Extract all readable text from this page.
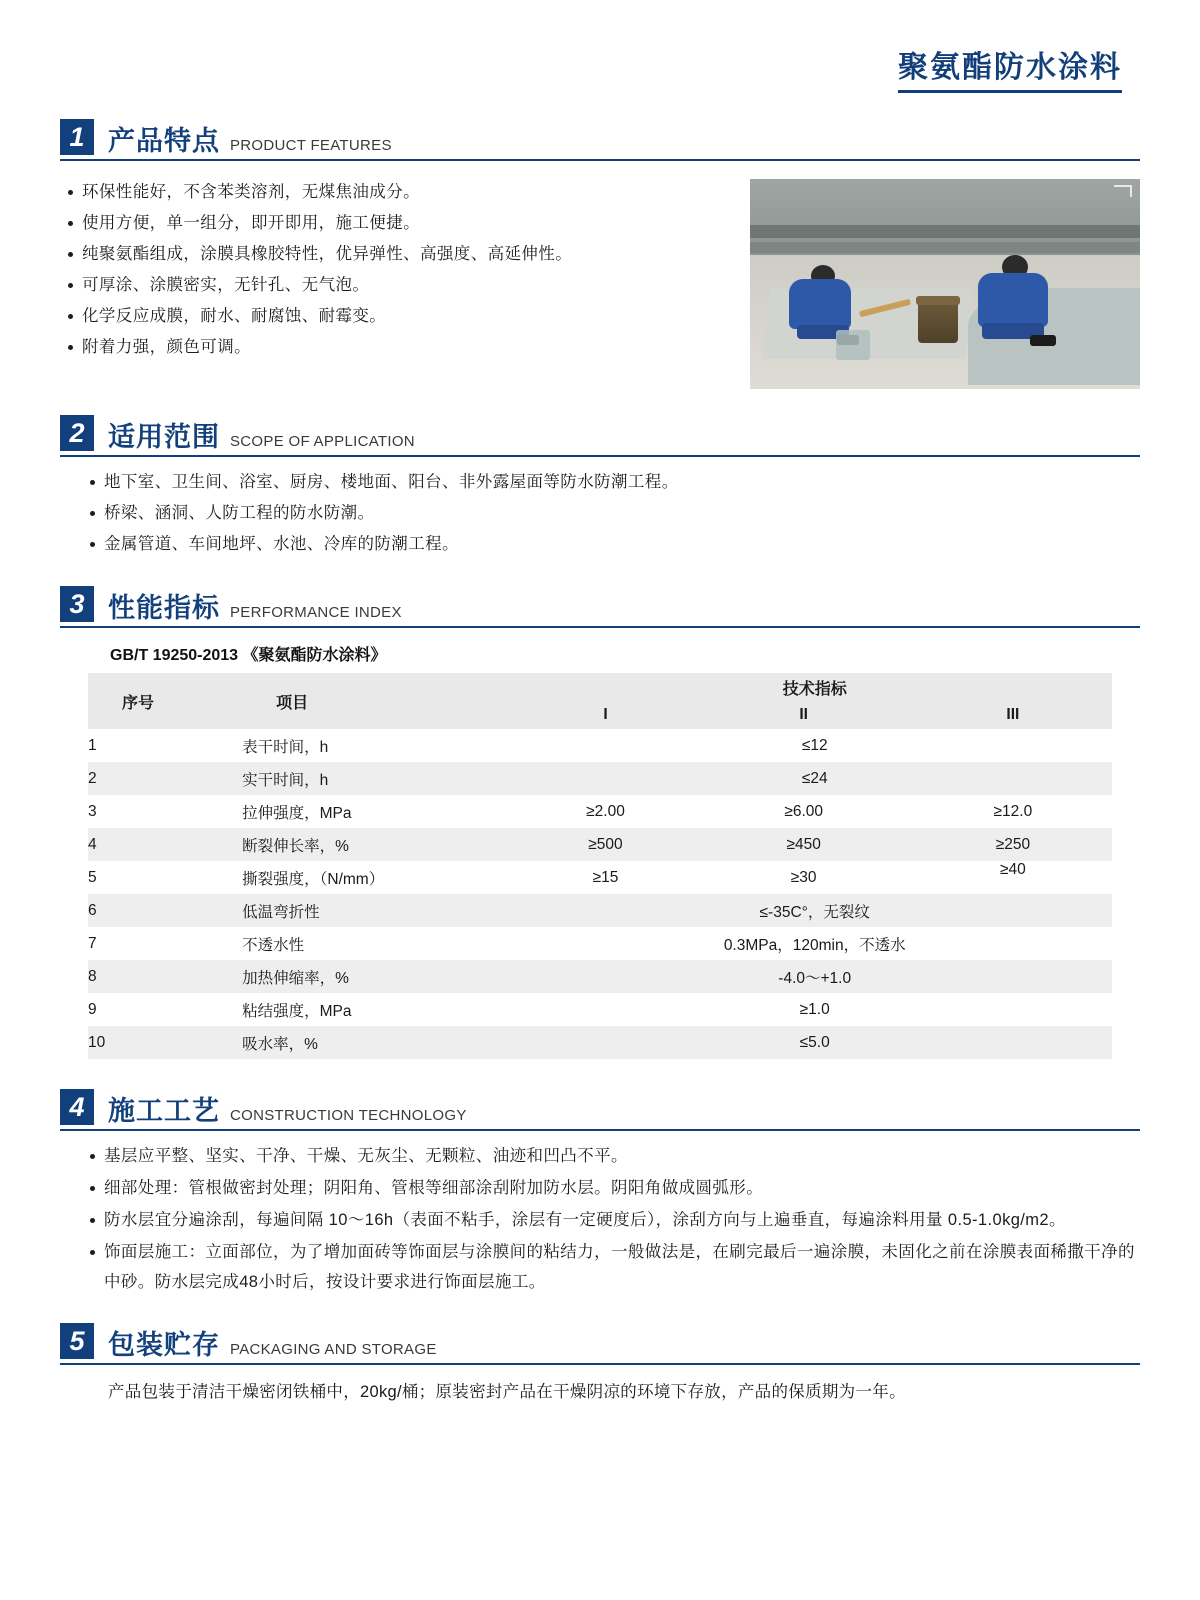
聚氨酯防水涂料
1 产品特点 PRODUCT FEATURES
环保性能好，不含苯类溶剂，无煤焦油成分。
使用方便，单一组分，即开即用，施工便捷。
纯聚氨酯组成，涂膜具橡胶特性，优异弹性、高强度、高延伸性。
可厚涂、涂膜密实，无针孔、无气泡。
化学反应成膜，耐水、耐腐蚀、耐霉变。
附着力强，颜色可调。
2 适用范围 SCOPE OF APPLICATION
地下室、卫生间、浴室、厨房、楼地面、阳台、非外露屋面等防水防潮工程。
桥梁、涵洞、人防工程的防水防潮。
金属管道、车间地坪、水池、冷库的防潮工程。
3 性能指标 PERFORMANCE INDEX
GB/T 19250-2013 《聚氨酯防水涂料》
序号	项目	技术指标		
		I	II	III
1	表干时间，h	≤12		
2	实干时间，h	≤24		
3	拉伸强度，MPa	≥2.00	≥6.00	≥12.0
4	断裂伸长率，%	≥500	≥450	≥250
5	撕裂强度，（N/mm）	≥15	≥30	≥40
6	低温弯折性	≤-35C°，无裂纹		
7	不透水性	0.3MPa，120min，不透水		
8	加热伸缩率，%	-4.0～+1.0		
9	粘结强度，MPa	≥1.0		
10	吸水率，%	≤5.0		
4 施工工艺 CONSTRUCTION TECHNOLOGY
基层应平整、坚实、干净、干燥、无灰尘、无颗粒、油迹和凹凸不平。
细部处理：管根做密封处理；阴阳角、管根等细部涂刮附加防水层。阴阳角做成圆弧形。
防水层宜分遍涂刮，每遍间隔 10～16h（表面不粘手，涂层有一定硬度后），涂刮方向与上遍垂直，每遍涂料用量 0.5-1.0kg/m2。
饰面层施工：立面部位，为了增加面砖等饰面层与涂膜间的粘结力，一般做法是，在刷完最后一遍涂膜，未固化之前在涂膜表面稀撒干净的中砂。防水层完成48小时后，按设计要求进行饰面层施工。
5 包装贮存 PACKAGING AND STORAGE
产品包装于清洁干燥密闭铁桶中，20kg/桶；原装密封产品在干燥阴凉的环境下存放，产品的保质期为一年。
